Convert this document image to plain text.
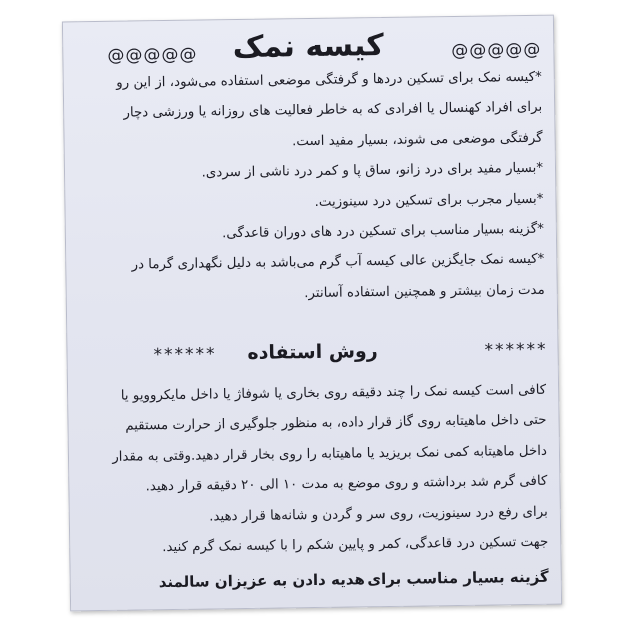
@@@@@	@@@@@
کیسه نمک
*کیسه نمک برای تسکین دردها و گرفتگی موضعی استفاده می‌شود، از این رو
برای افراد کهنسال یا افرادی که به خاطر فعالیت های روزانه یا ورزشی دچار
گرفتگی موضعی می شوند، بسیار مفید است.
*بسیار مفید برای درد زانو، ساق پا و کمر درد ناشی از سردی.
*بسیار مجرب برای تسکین درد سینوزیت.
*گزینه بسیار مناسب برای تسکین درد های دوران قاعدگی.
*کیسه نمک جایگزین عالی کیسه آب گرم می‌باشد به دلیل نگهداری گرما در
مدت زمان بیشتر و همچنین استفاده آسانتر.
******	******
روش استفاده
کافی است کیسه نمک را چند دقیقه روی بخاری یا شوفاژ یا داخل مایکروویو یا
حتی داخل ماهیتابه روی گاز قرار داده، به منظور جلوگیری از حرارت مستقیم
داخل ماهیتابه کمی نمک بریزید یا ماهیتابه را روی بخار قرار دهید.وقتی به مقدار
کافی گرم شد برداشته و روی موضع به مدت ۱۰ الی ۲۰ دقیقه قرار دهید.
برای رفع درد سینوزیت، روی سر و گردن و شانه‌ها قرار دهید.
جهت تسکین درد قاعدگی، کمر و پایین شکم را با کیسه نمک گرم کنید.
گزینه بسیار مناسب برای
هدیه دادن به عزیزان سالمند
